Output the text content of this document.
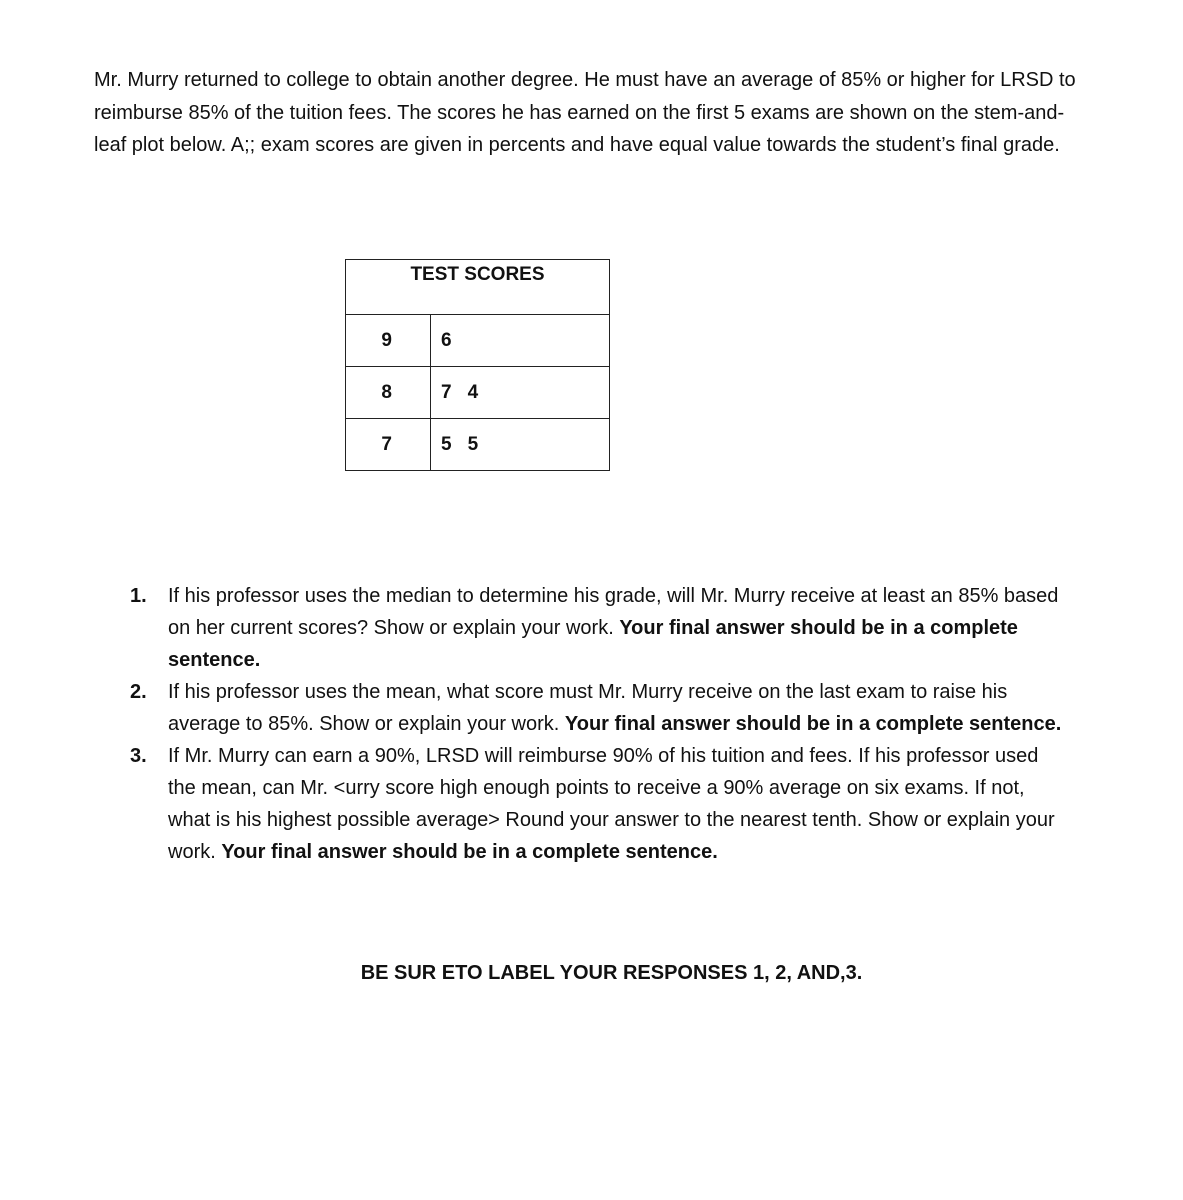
Mr. Murry returned to college to obtain another degree. He must have an average of 85% or higher for LRSD to reimburse 85% of the tuition fees. The scores he has earned on the first 5 exams are shown on the stem-and-leaf plot below. A;; exam scores are given in percents and have equal value towards the student’s final grade.

TEST SCORES	
9	6
8	7 4
7	5 5
1. If his professor uses the median to determine his grade, will Mr. Murry receive at least an 85% based on her current scores? Show or explain your work. Your final answer should be in a complete sentence.
2. If his professor uses the mean, what score must Mr. Murry receive on the last exam to raise his average to 85%. Show or explain your work. Your final answer should be in a complete sentence.
3. If Mr. Murry can earn a 90%, LRSD will reimburse 90% of his tuition and fees. If his professor used the mean, can Mr. <urry score high enough points to receive a 90% average on six exams. If not, what is his highest possible average> Round your answer to the nearest tenth. Show or explain your work. Your final answer should be in a complete sentence.

BE SUR ETO LABEL YOUR RESPONSES 1, 2, AND,3.
